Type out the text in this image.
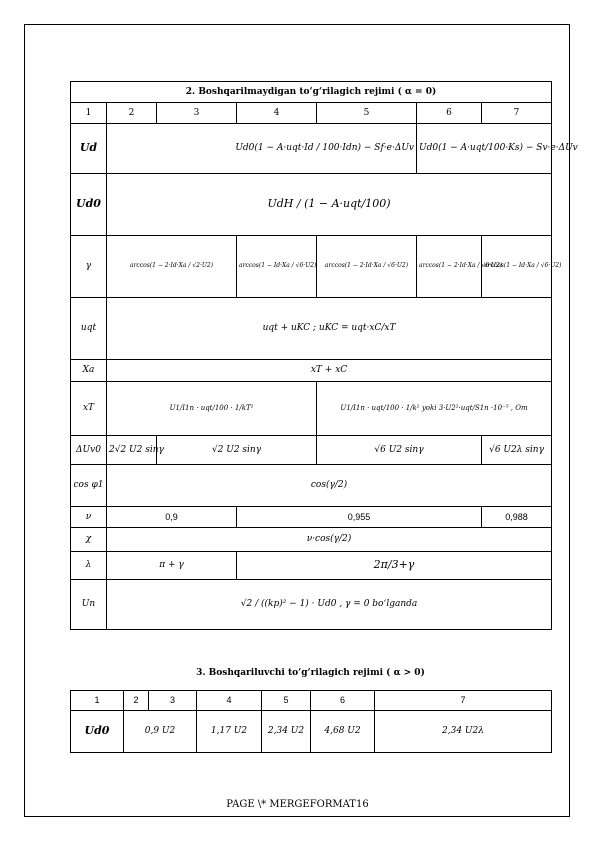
2. Boshqarilmaydigan to‘g‘rilagich rejimi ( α = 0)						
1	2	3	4	5	6	7
Ud	Ud0(1 − A·uqt·Id / 100·Idn) − Sf·e·ΔUv				Ud0(1 − A·uqt/100·Ks) − Sv·e·ΔUv	
Ud0	UdH / (1 − A·uqt/100)					
γ	arccos(1 − 2·Id·Xa / √2·U2)		arccos(1 − Id·Xa / √6·U2)	arccos(1 − 2·Id·Xa / √6·U2)	arccos(1 − 2·Id·Xa / √6·U2)	arccos(1 − Id·Xa / √6·U2)
uqt	uqt + uKC ; uKC = uqt·xC/xT					
Xa	xT + xC					
xT	U1/I1n · uqt/100 · 1/kT²			U1/I1n · uqt/100 · 1/k² yoki 3·U2²·uqt/S1n ·10⁻⁵ , Om		
ΔUv0	2√2 U2 sinγ	√2 U2 sinγ		√6 U2 sinγ		√6 U2λ sinγ
cos φ1	cos(γ/2)					
ν	0,9		0,955			0,988
χ	ν·cos(γ/2)					
λ	π + γ		2π/3+γ			
Un	√2 / ((kp)² − 1) · Ud0 , γ = 0 bo‘lganda					
3. Boshqariluvchi to‘g‘rilagich rejimi ( α > 0)
1	2	3	4	5	6	7
Ud0	0,9 U2		1,17 U2	2,34 U2	4,68 U2	2,34 U2λ
PAGE \* MERGEFORMAT16
